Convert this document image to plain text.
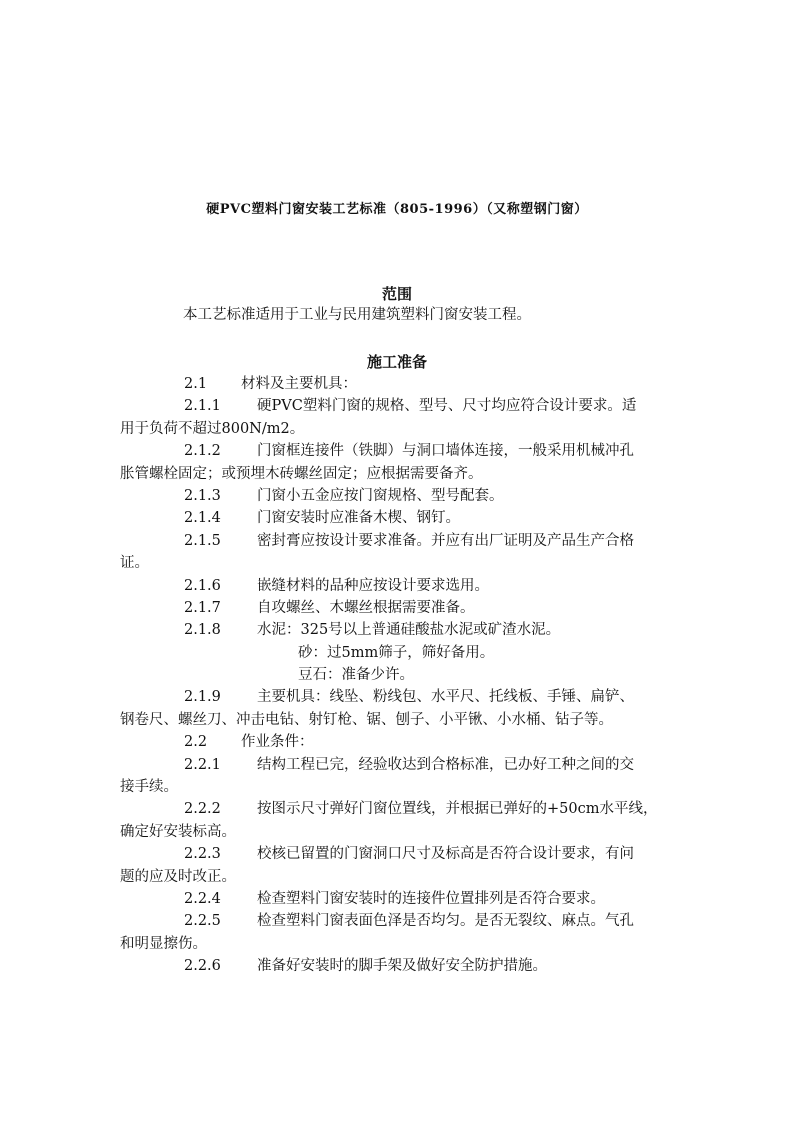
硬PVC塑料门窗安装工艺标准（805-1996）（又称塑钢门窗）
范围
本工艺标准适用于工业与民用建筑塑料门窗安装工程。
施工准备
2.1 材料及主要机具：
2.1.1 硬PVC塑料门窗的规格、型号、尺寸均应符合设计要求。适
用于负荷不超过800N/m2。
2.1.2 门窗框连接件（铁脚）与洞口墙体连接，一般采用机械冲孔
胀管螺栓固定；或预埋木砖螺丝固定；应根据需要备齐。
2.1.3 门窗小五金应按门窗规格、型号配套。
2.1.4 门窗安装时应准备木楔、钢钉。
2.1.5 密封膏应按设计要求准备。并应有出厂证明及产品生产合格
证。
2.1.6 嵌缝材料的品种应按设计要求选用。
2.1.7 自攻螺丝、木螺丝根据需要准备。
2.1.8 水泥：325号以上普通硅酸盐水泥或矿渣水泥。
砂：过5mm筛子，筛好备用。
豆石：准备少许。
2.1.9 主要机具：线坠、粉线包、水平尺、托线板、手锤、扁铲、
钢卷尺、螺丝刀、冲击电钻、射钉枪、锯、刨子、小平锹、小水桶、钻子等。
2.2 作业条件：
2.2.1 结构工程已完，经验收达到合格标准，已办好工种之间的交
接手续。
2.2.2 按图示尺寸弹好门窗位置线，并根据已弹好的+50cm水平线，
确定好安装标高。
2.2.3 校核已留置的门窗洞口尺寸及标高是否符合设计要求，有问
题的应及时改正。
2.2.4 检查塑料门窗安装时的连接件位置排列是否符合要求。
2.2.5 检查塑料门窗表面色泽是否均匀。是否无裂纹、麻点。气孔
和明显擦伤。
2.2.6 准备好安装时的脚手架及做好安全防护措施。
